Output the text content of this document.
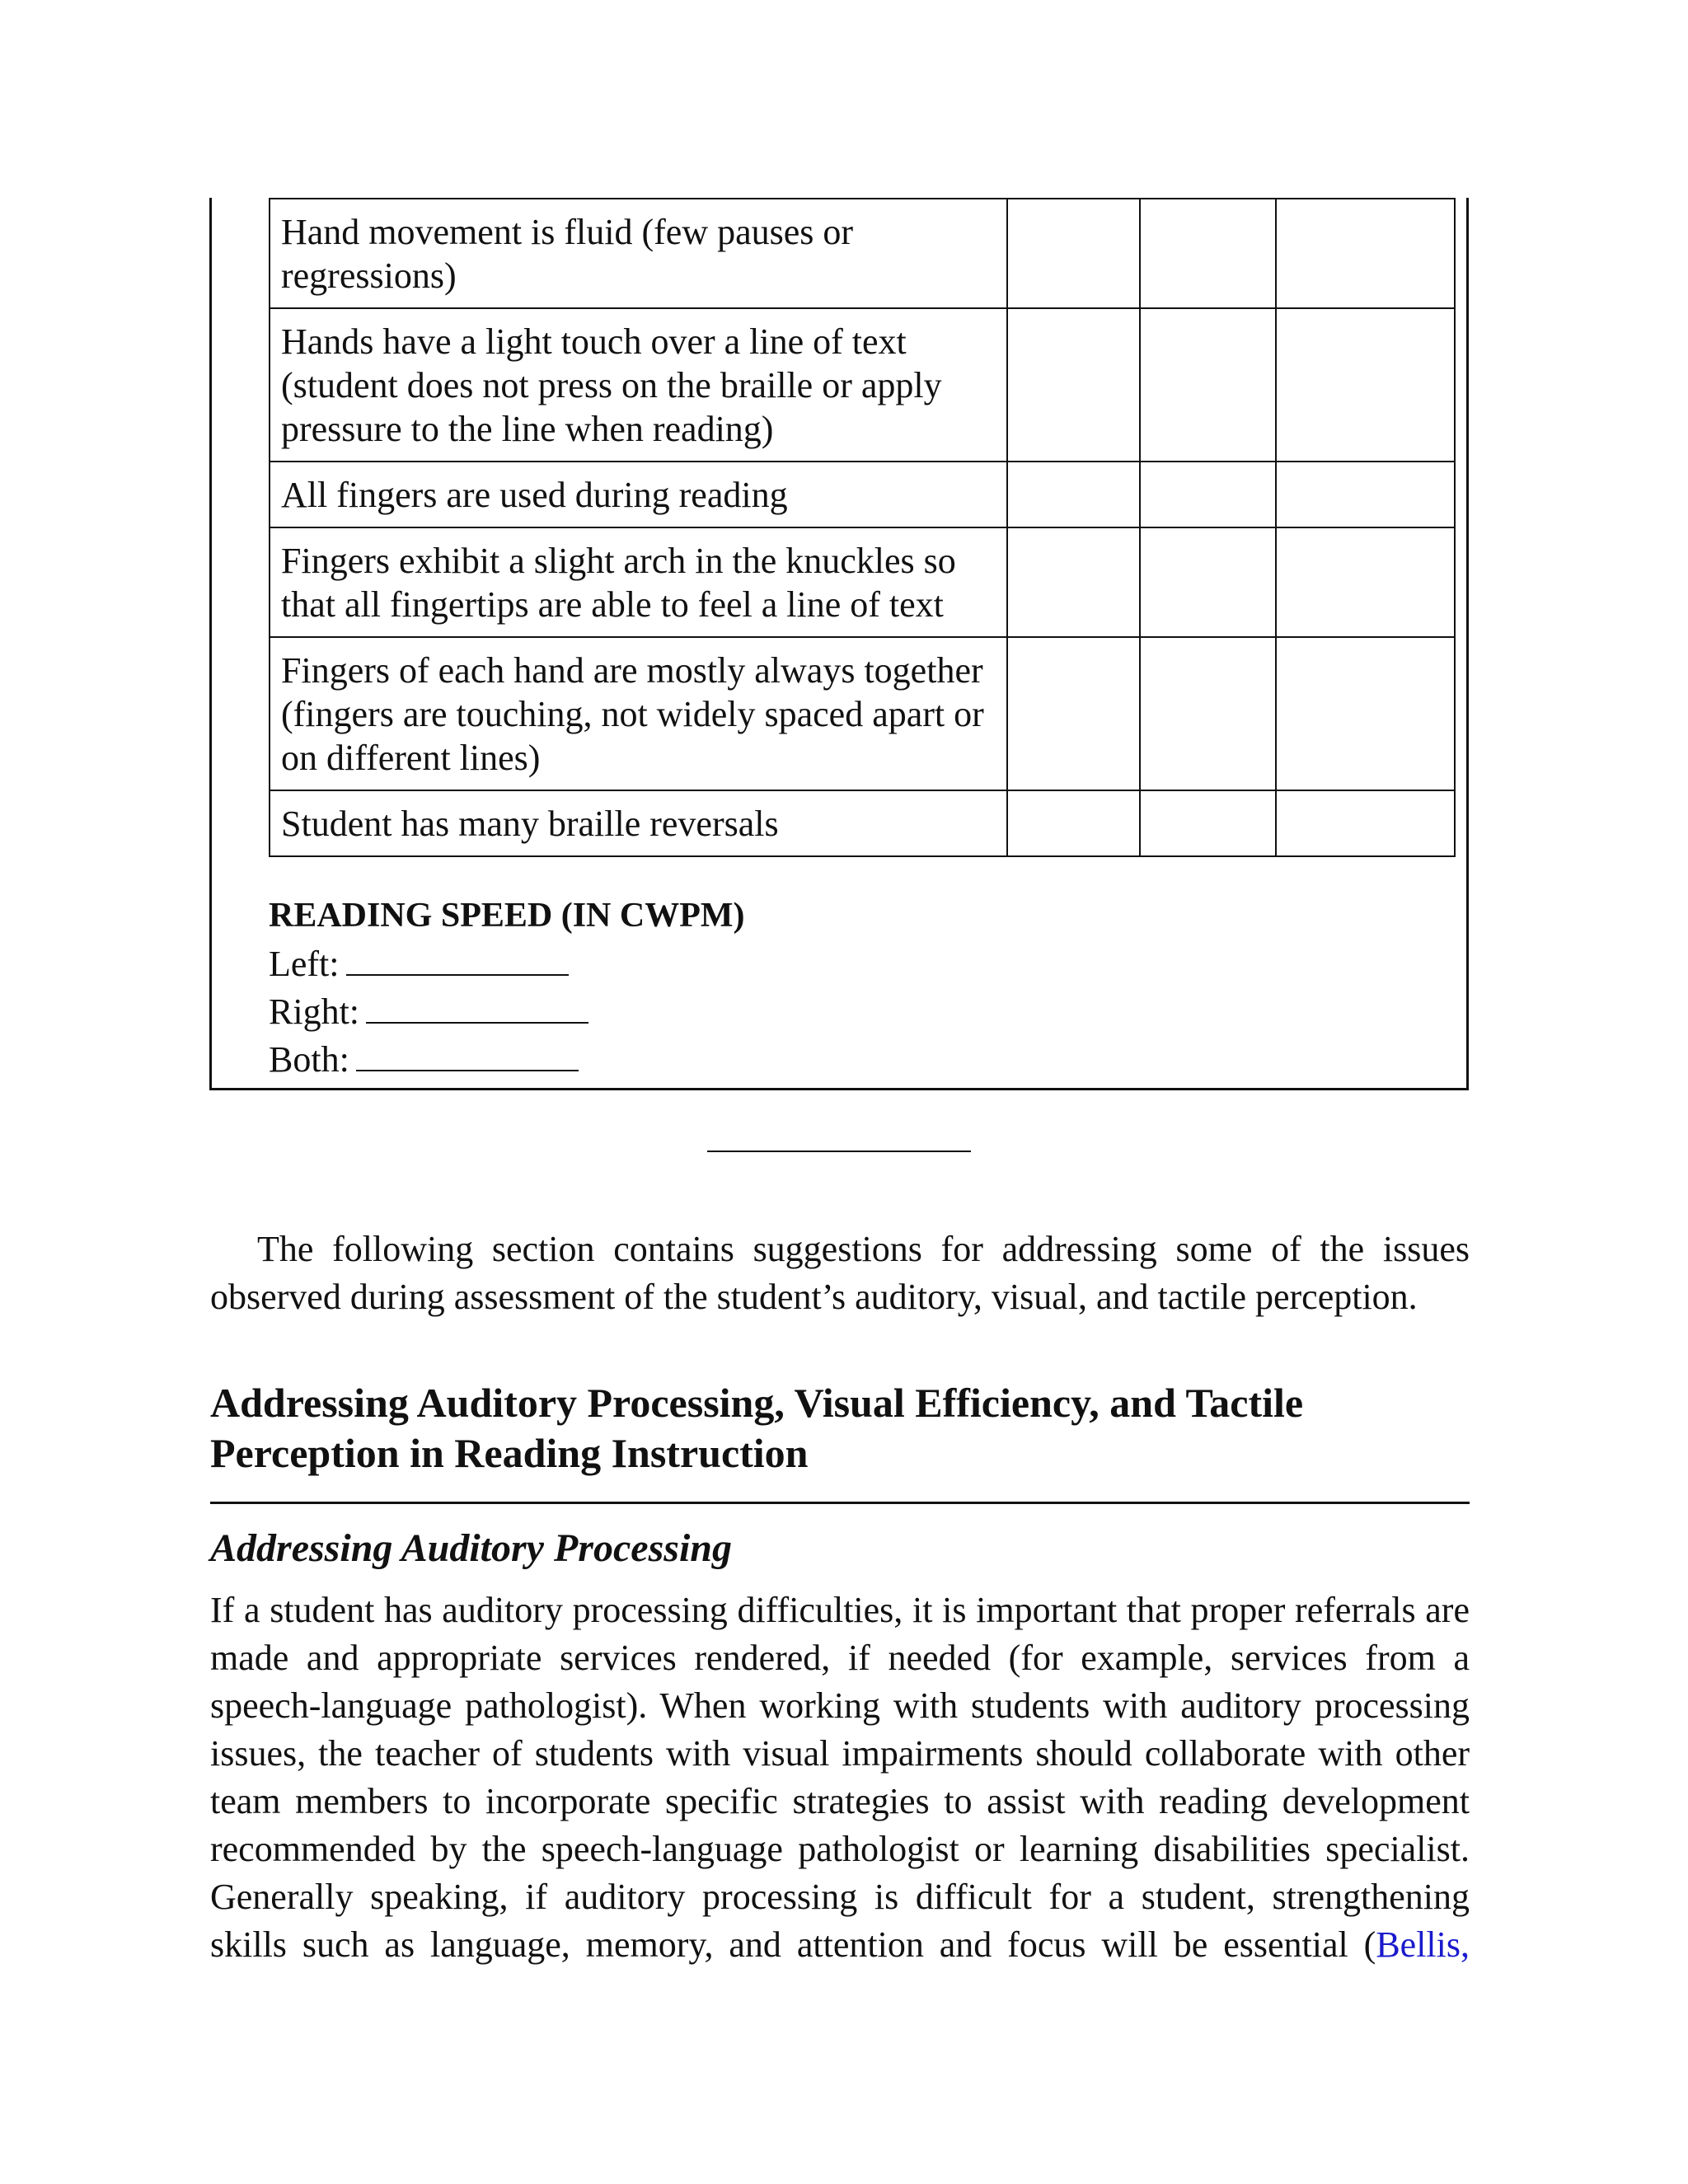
Hand movement is fluid (few pauses or regressions)			
Hands have a light touch over a line of text (student does not press on the braille or apply pressure to the line when reading)			
All fingers are used during reading			
Fingers exhibit a slight arch in the knuckles so that all fingertips are able to feel a line of text			
Fingers of each hand are mostly always together (fingers are touching, not widely spaced apart or on different lines)			
Student has many braille reversals			
READING SPEED (IN CWPM)
Left:
Right:
Both:

The following section contains suggestions for addressing some of the issues observed during assessment of the student’s auditory, visual, and tactile perception.

Addressing Auditory Processing, Visual Efficiency, and Tactile Perception in Reading Instruction
Addressing Auditory Processing

If a student has auditory processing difficulties, it is important that proper referrals are made and appropriate services rendered, if needed (for example, services from a speech-language pathologist). When working with students with auditory processing issues, the teacher of students with visual impairments should collaborate with other team members to incorporate specific strategies to assist with reading development recommended by the speech-language pathologist or learning disabilities specialist. Generally speaking, if auditory processing is difficult for a student, strengthening skills such as language, memory, and attention and focus will be essential (Bellis,
